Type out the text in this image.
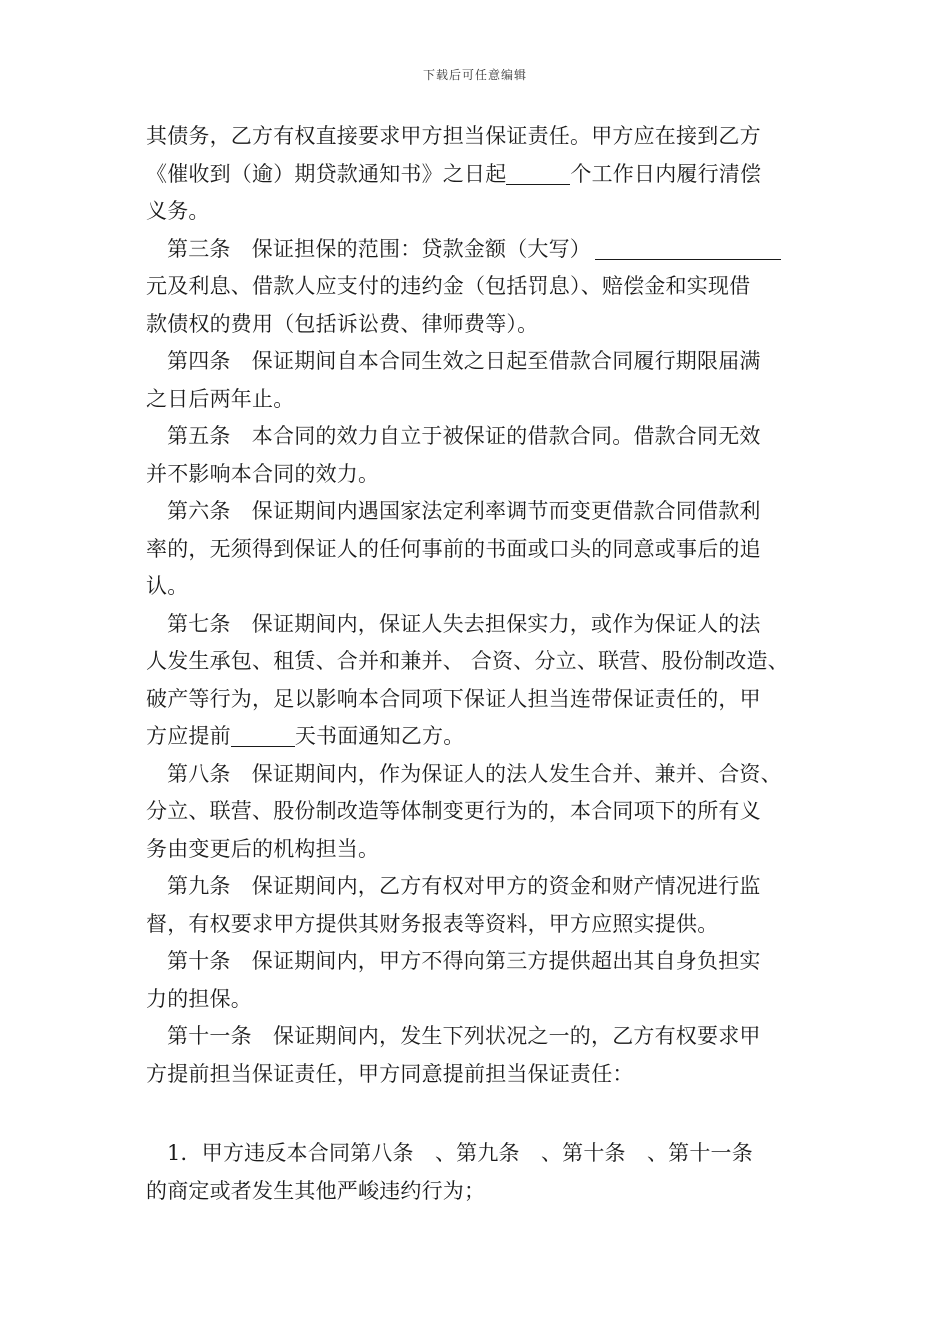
下载后可任意编辑
其债务，乙方有权直接要求甲方担当保证责任。甲方应在接到乙方
《催收到（逾）期贷款通知书》之日起	个工作日内履行清偿
义务。
第三条　保证担保的范围：贷款金额（大写）
元及利息、借款人应支付的违约金（包括罚息）、赔偿金和实现借
款债权的费用（包括诉讼费、律师费等）。
第四条　保证期间自本合同生效之日起至借款合同履行期限届满
之日后两年止。
第五条　本合同的效力自立于被保证的借款合同。借款合同无效
并不影响本合同的效力。
第六条　保证期间内遇国家法定利率调节而变更借款合同借款利
率的，无须得到保证人的任何事前的书面或口头的同意或事后的追
认。
第七条　保证期间内，保证人失去担保实力，或作为保证人的法
人发生承包、租赁、合并和兼并、 合资、分立、联营、股份制改造、
破产等行为，足以影响本合同项下保证人担当连带保证责任的，甲
方应提前	天书面通知乙方。
第八条　保证期间内，作为保证人的法人发生合并、兼并、合资、
分立、联营、股份制改造等体制变更行为的，本合同项下的所有义
务由变更后的机构担当。
第九条　保证期间内，乙方有权对甲方的资金和财产情况进行监
督，有权要求甲方提供其财务报表等资料，甲方应照实提供。
第十条　保证期间内，甲方不得向第三方提供超出其自身负担实
力的担保。
第十一条　保证期间内，发生下列状况之一的，乙方有权要求甲
方提前担当保证责任，甲方同意提前担当保证责任：
1．甲方违反本合同第八条　、第九条　、第十条　、第十一条
的商定或者发生其他严峻违约行为；
